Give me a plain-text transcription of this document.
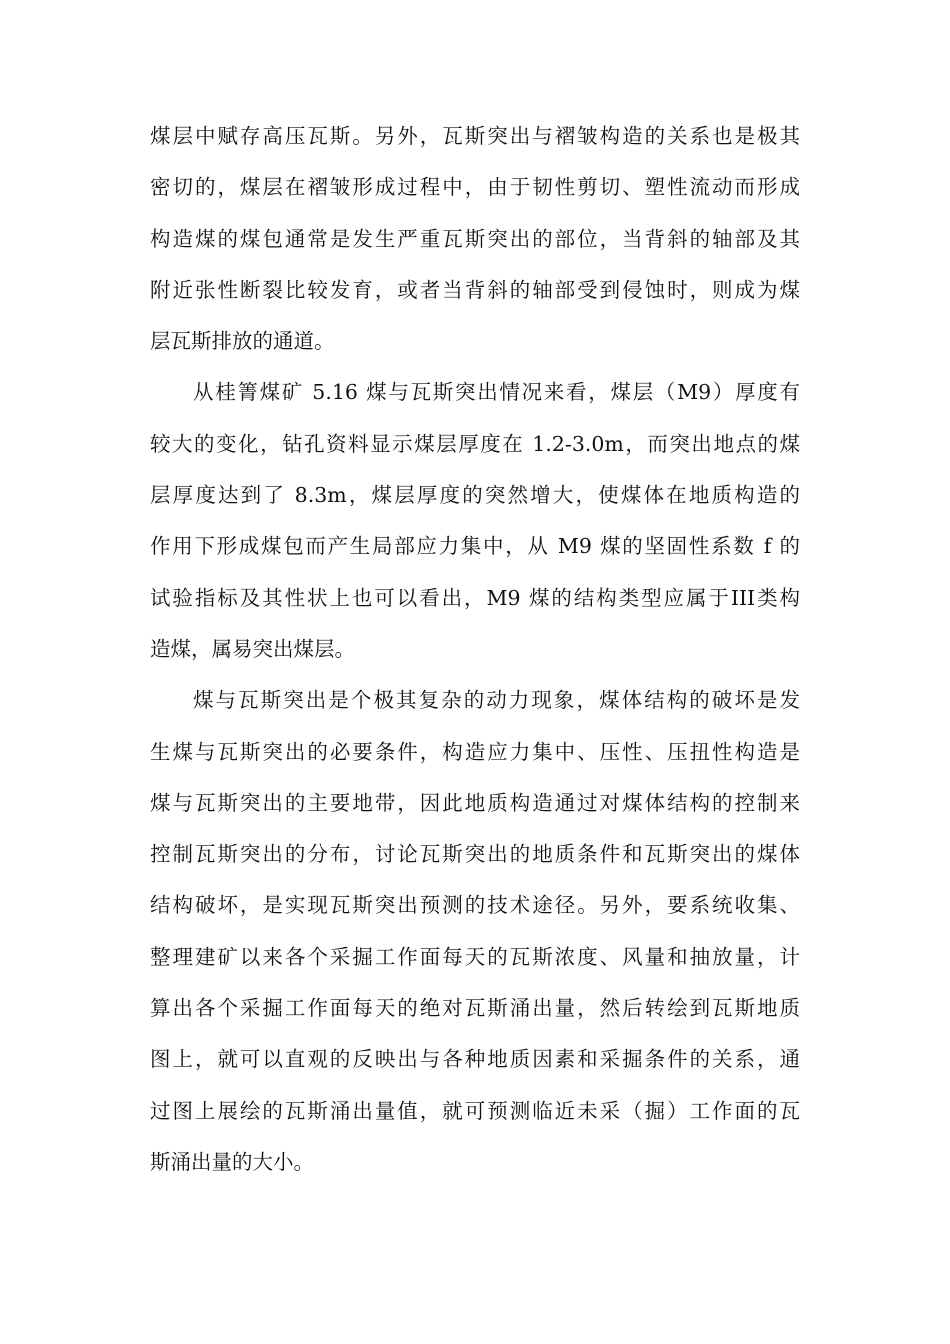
煤层中赋存高压瓦斯。另外，瓦斯突出与褶皱构造的关系也是极其
密切的，煤层在褶皱形成过程中，由于韧性剪切、塑性流动而形成
构造煤的煤包通常是发生严重瓦斯突出的部位，当背斜的轴部及其
附近张性断裂比较发育，或者当背斜的轴部受到侵蚀时，则成为煤
层瓦斯排放的通道。
从桂箐煤矿 5.16 煤与瓦斯突出情况来看，煤层（M9）厚度有
较大的变化，钻孔资料显示煤层厚度在 1.2-3.0m，而突出地点的煤
层厚度达到了 8.3m，煤层厚度的突然增大，使煤体在地质构造的
作用下形成煤包而产生局部应力集中，从 M9 煤的坚固性系数 f 的
试验指标及其性状上也可以看出，M9 煤的结构类型应属于III类构
造煤，属易突出煤层。
煤与瓦斯突出是个极其复杂的动力现象，煤体结构的破坏是发
生煤与瓦斯突出的必要条件，构造应力集中、压性、压扭性构造是
煤与瓦斯突出的主要地带，因此地质构造通过对煤体结构的控制来
控制瓦斯突出的分布，讨论瓦斯突出的地质条件和瓦斯突出的煤体
结构破坏，是实现瓦斯突出预测的技术途径。另外，要系统收集、
整理建矿以来各个采掘工作面每天的瓦斯浓度、风量和抽放量，计
算出各个采掘工作面每天的绝对瓦斯涌出量，然后转绘到瓦斯地质
图上，就可以直观的反映出与各种地质因素和采掘条件的关系，通
过图上展绘的瓦斯涌出量值，就可预测临近未采（掘）工作面的瓦
斯涌出量的大小。
